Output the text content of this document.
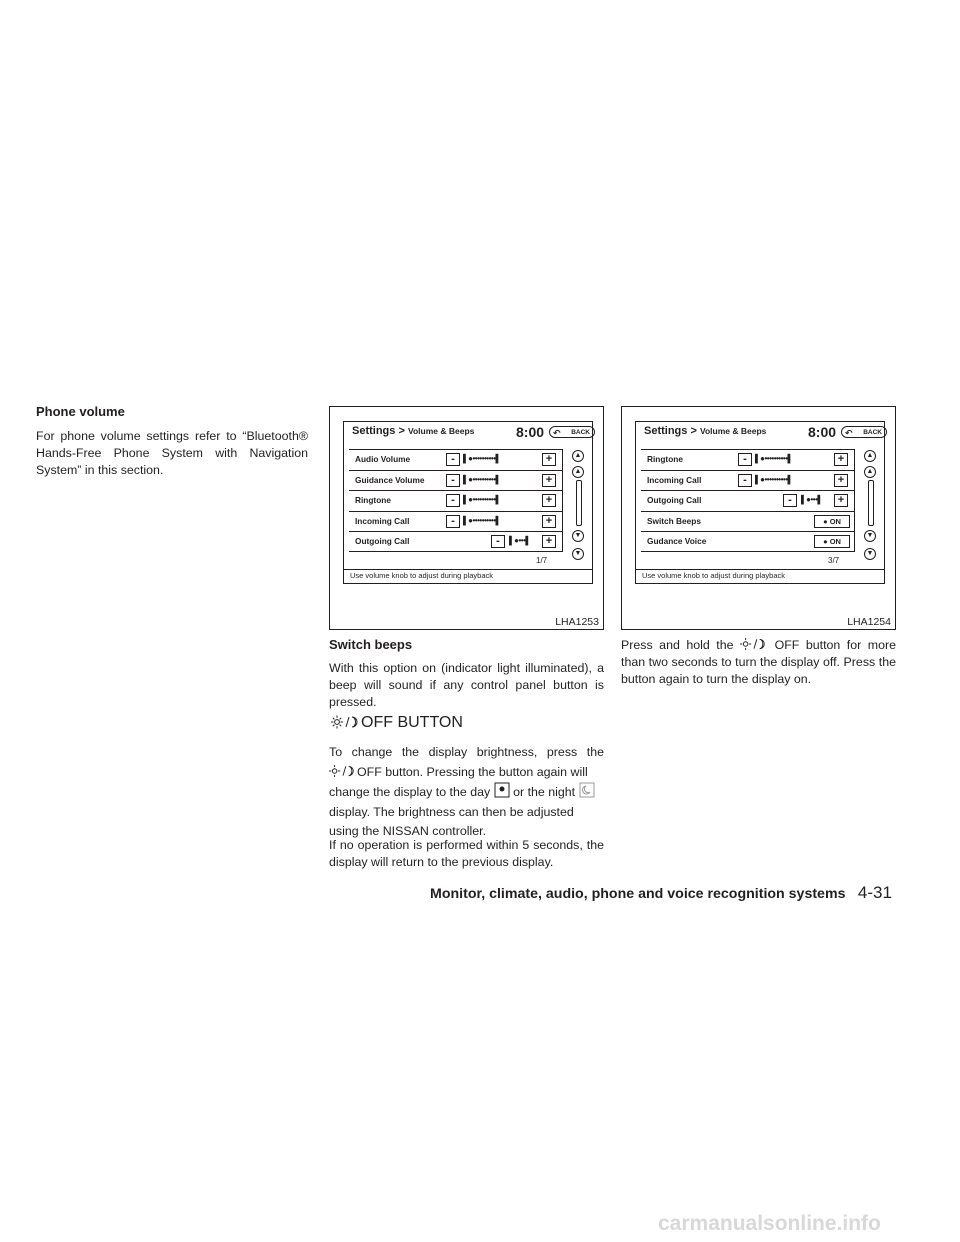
Phone volume
For phone volume settings refer to “Bluetooth® Hands-Free Phone System with Navigation System” in this section.
Settings > Volume & Beeps	8:00	↶ BACK
Audio Volume	-	▌●••••••••••▌	+
Guidance Volume	-	▌●••••••••••▌	+
Ringtone	-	▌●••••••••••▌	+
Incoming Call	-	▌●••••••••••▌	+
Outgoing Call	-	▌●•••▌	+
▲
▲
▼
▼
1/7
Use volume knob to adjust during playback
LHA1253
Settings > Volume & Beeps	8:00	↶ BACK
Ringtone	-	▌●••••••••••▌	+
Incoming Call	-	▌●••••••••••▌	+
Outgoing Call	-	▌●•••▌	+
Switch Beeps	● ON
Gudance Voice	● ON
▲
▲
▼
▼
3/7
Use volume knob to adjust during playback
LHA1254
Switch beeps
With this option on (indicator light illuminated), a beep will sound if any control panel button is pressed.
OFF BUTTON
To change the display brightness, press the
OFF button. Pressing the button again will change the display to the day or the night  display. The brightness can then be adjusted using the NISSAN controller.
If no operation is performed within 5 seconds, the display will return to the previous display.
Press and hold the	OFF button for more than two seconds to turn the display off. Press the button again to turn the display on.
Monitor, climate, audio, phone and voice recognition systems 4-31
carmanualsonline.info
